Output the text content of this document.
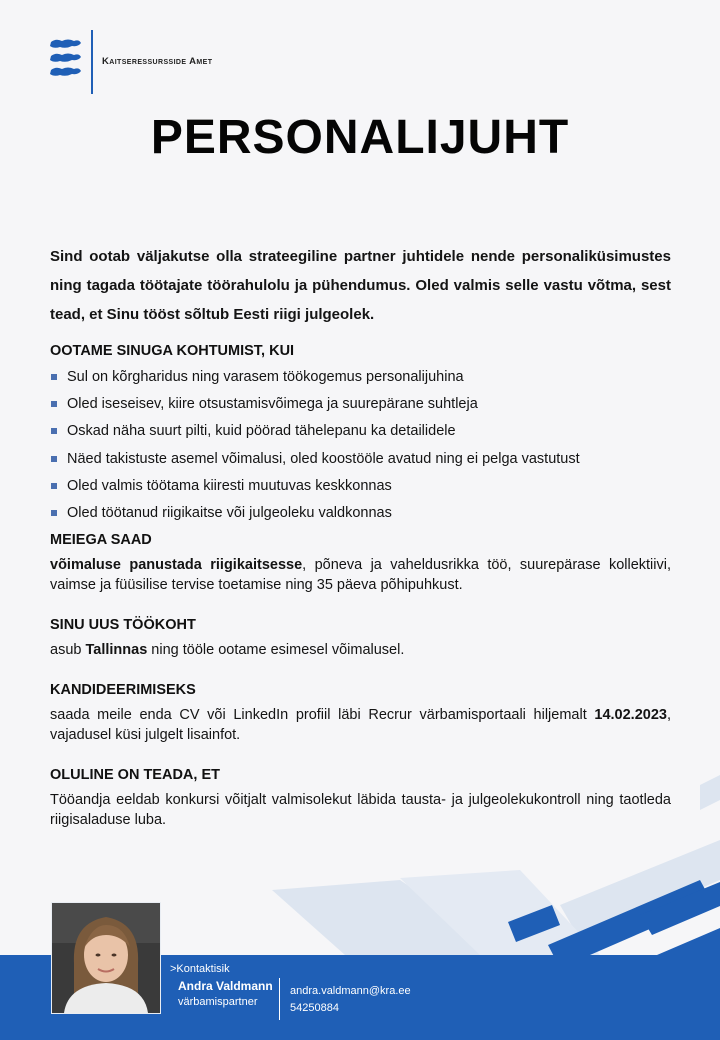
Kaitseressursside Amet
PERSONALIJUHT

Sind ootab väljakutse olla strateegiline partner juhtidele nende personaliküsimustes ning tagada töötajate töörahulolu ja pühendumus. Oled valmis selle vastu võtma, sest tead, et Sinu tööst sõltub Eesti riigi julgeolek.

OOTAME SINUGA KOHTUMIST, KUI
Sul on kõrgharidus ning varasem töökogemus personalijuhina
Oled iseseisev, kiire otsustamisvõimega ja suurepärane suhtleja
Oskad näha suurt pilti, kuid pöörad tähelepanu ka detailidele
Näed takistuste asemel võimalusi, oled koostööle avatud ning ei pelga vastutust
Oled valmis töötama kiiresti muutuvas keskkonnas
Oled töötanud riigikaitse või julgeoleku valdkonnas
MEIEGA SAAD

võimaluse panustada riigikaitsesse, põneva ja vaheldusrikka töö, suurepärase kollektiivi, vaimse ja füüsilise tervise toetamise ning 35 päeva põhipuhkust.

SINU UUS TÖÖKOHT

asub Tallinnas ning tööle ootame esimesel võimalusel.

KANDIDEERIMISEKS

saada meile enda CV või LinkedIn profiil läbi Recrur värbamisportaali hiljemalt 14.02.2023, vajadusel küsi julgelt lisainfot.

OLULINE ON TEADA, ET

Tööandja eeldab konkursi võitjalt valmisolekut läbida tausta- ja julgeolekukontroll ning taotleda riigisaladuse luba.

>Kontaktisik
Andra Valdmann
värbamispartner
andra.valdmann@kra.ee
54250884
